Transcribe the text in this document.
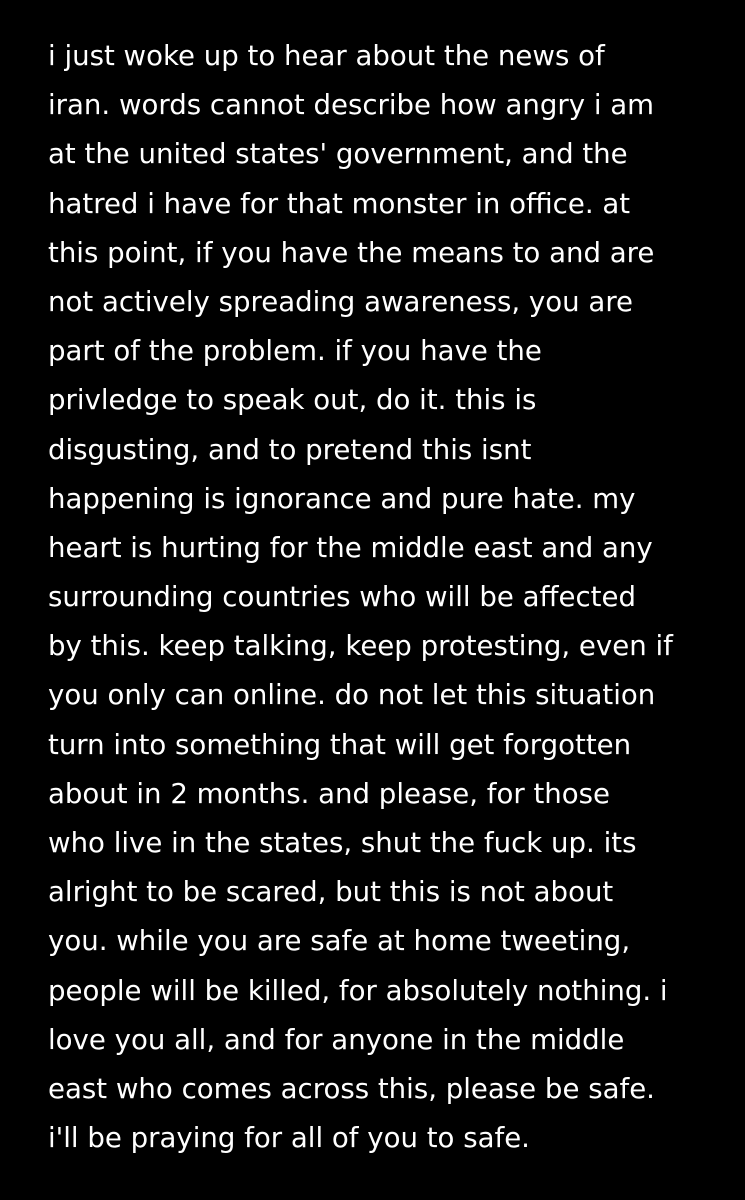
i just woke up to hear about the news of
iran. words cannot describe how angry i am
at the united states' government, and the
hatred i have for that monster in office. at
this point, if you have the means to and are
not actively spreading awareness, you are
part of the problem. if you have the
privledge to speak out, do it. this is
disgusting, and to pretend this isnt
happening is ignorance and pure hate. my
heart is hurting for the middle east and any
surrounding countries who will be affected
by this. keep talking, keep protesting, even if
you only can online. do not let this situation
turn into something that will get forgotten
about in 2 months. and please, for those
who live in the states, shut the fuck up. its
alright to be scared, but this is not about
you. while you are safe at home tweeting,
people will be killed, for absolutely nothing. i
love you all, and for anyone in the middle
east who comes across this, please be safe.
i'll be praying for all of you to safe.
